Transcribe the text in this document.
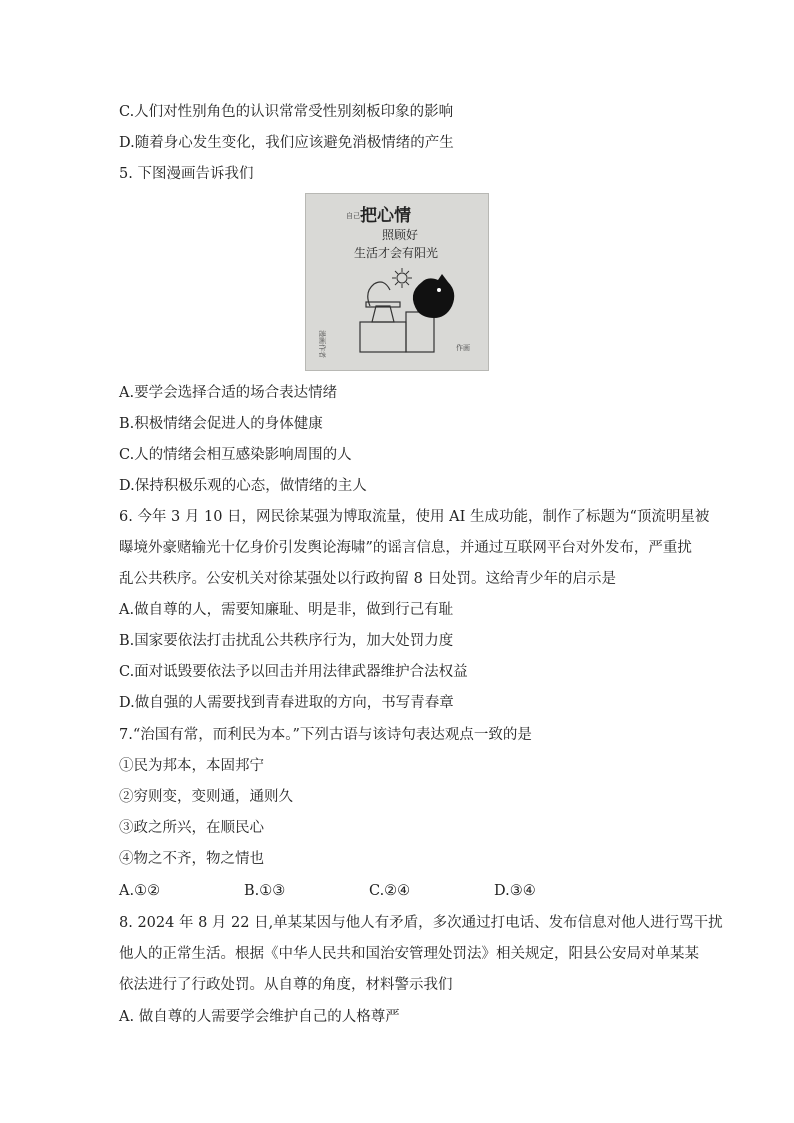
C.人们对性别角色的认识常常受性别刻板印象的影响
D.随着身心发生变化，我们应该避免消极情绪的产生
5. 下图漫画告诉我们
自己 把心情
照顾好
生活才会有阳光
漫画作者	作画
A.要学会选择合适的场合表达情绪
B.积极情绪会促进人的身体健康
C.人的情绪会相互感染影响周围的人
D.保持积极乐观的心态，做情绪的主人
6. 今年 3 月 10 日，网民徐某强为博取流量，使用 AI 生成功能，制作了标题为“顶流明星被
曝境外豪赌输光十亿身价引发舆论海啸”的谣言信息，并通过互联网平台对外发布，严重扰
乱公共秩序。公安机关对徐某强处以行政拘留 8 日处罚。这给青少年的启示是
A.做自尊的人，需要知廉耻、明是非，做到行己有耻
B.国家要依法打击扰乱公共秩序行为，加大处罚力度
C.面对诋毁要依法予以回击并用法律武器维护合法权益
D.做自强的人需要找到青春进取的方向，书写青春章
7.“治国有常，而利民为本。”下列古语与该诗句表达观点一致的是
①民为邦本，本固邦宁
②穷则变，变则通，通则久
③政之所兴，在顺民心
④物之不齐，物之情也
A.①②	B.①③	C.②④	D.③④
8. 2024 年 8 月 22 日,单某某因与他人有矛盾，多次通过打电话、发布信息对他人进行骂干扰
他人的正常生活。根据《中华人民共和国治安管理处罚法》相关规定，阳县公安局对单某某
依法进行了行政处罚。从自尊的角度，材料警示我们
A. 做自尊的人需要学会维护自己的人格尊严
